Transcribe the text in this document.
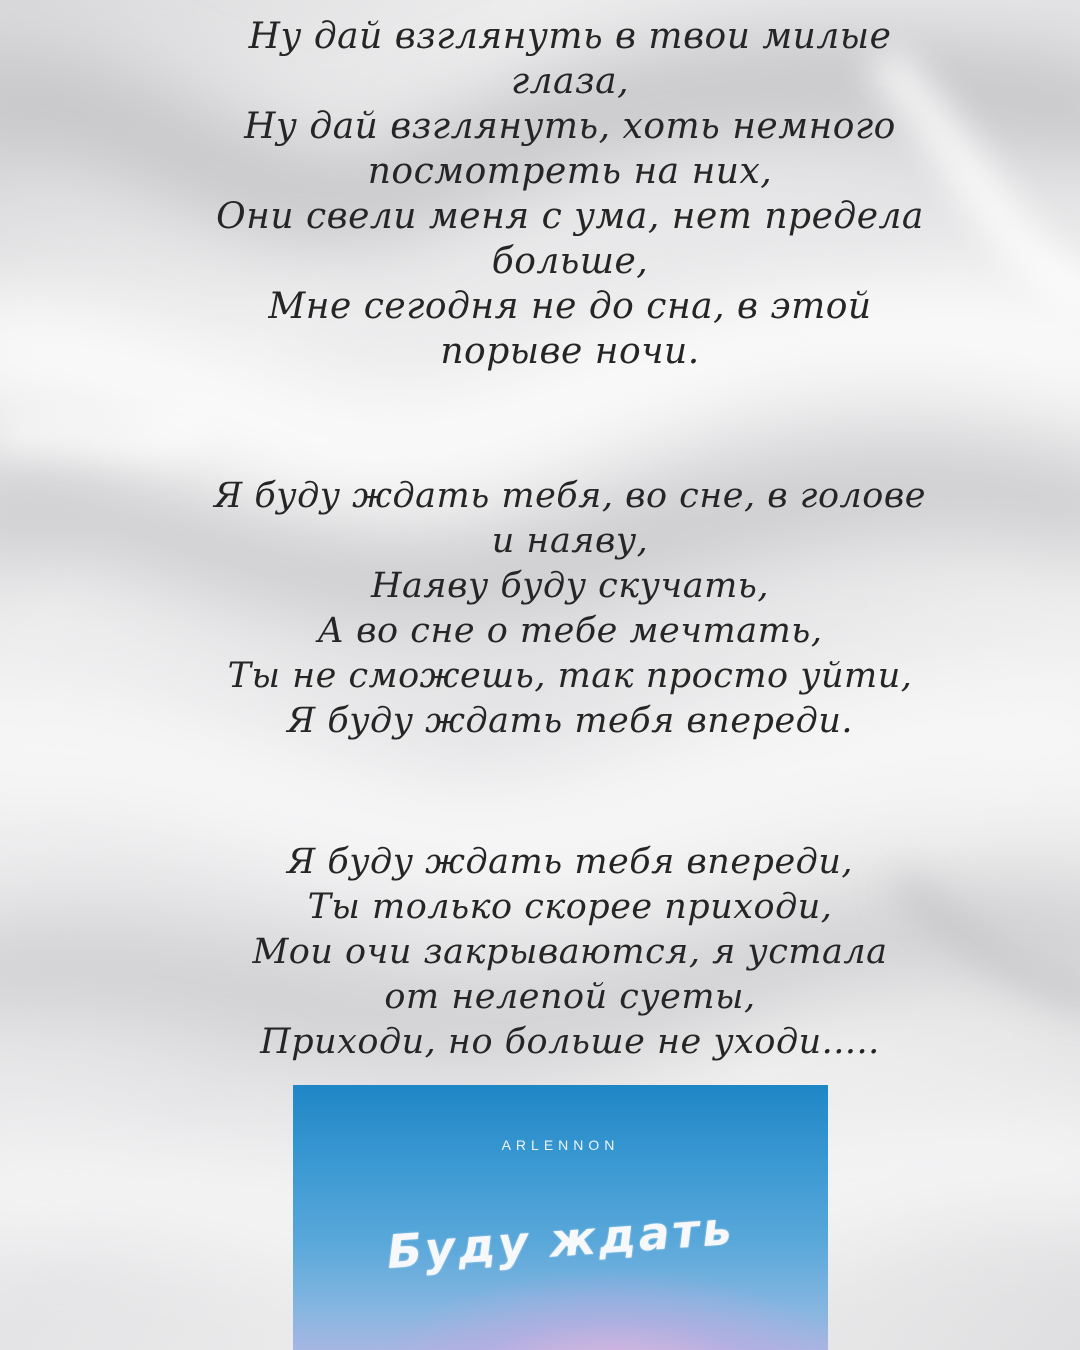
Ну дай взглянуть в твои милые
глаза,
Ну дай взглянуть, хоть немного
посмотреть на них,
Они свели меня с ума, нет предела
больше,
Мне сегодня не до сна, в этой
порыве ночи.

Я буду ждать тебя, во сне, в голове
и наяву,
Наяву буду скучать,
А во сне о тебе мечтать,
Ты не сможешь, так просто уйти,
Я буду ждать тебя впереди.

Я буду ждать тебя впереди,
Ты только скорее приходи,
Мои очи закрываются, я устала
от нелепой суеты,
Приходи, но больше не уходи.....

ARLENNON
Буду ждать
